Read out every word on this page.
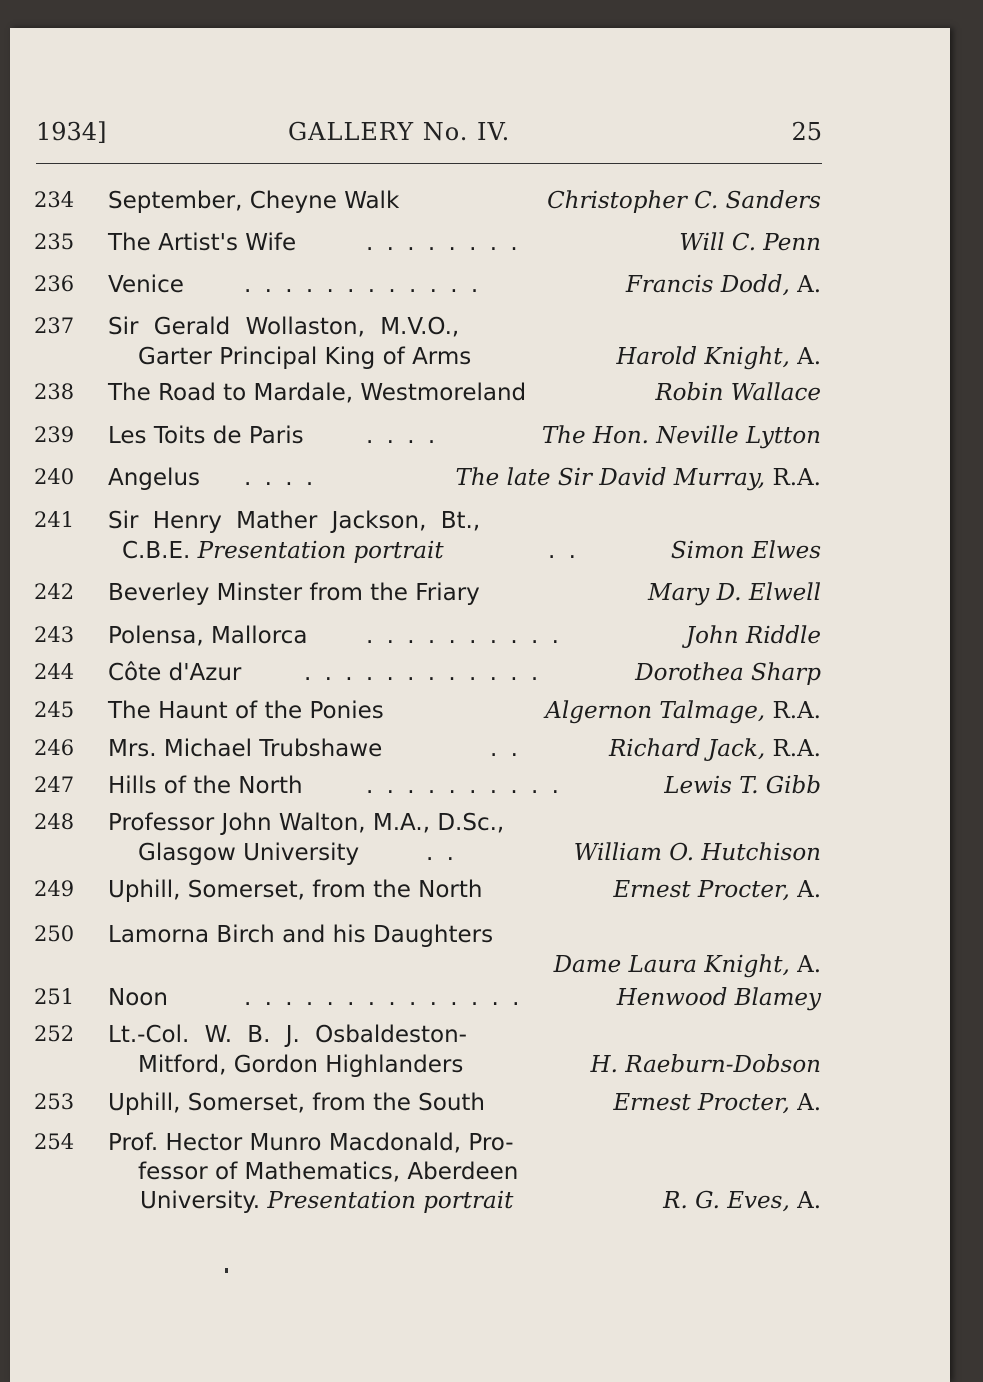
1934]	GALLERY No. IV.	25
234 September, Cheyne Walk	Christopher C. Sanders
235 The Artist's Wife	. . . . . . . .	Will C. Penn
236 Venice	. . . . . . . . . . . .	Francis Dodd, A.
237 Sir Gerald Wollaston, M.V.O.,
Garter Principal King of Arms	Harold Knight, A.
238 The Road to Mardale, Westmoreland	Robin Wallace
239 Les Toits de Paris	. . . .	The Hon. Neville Lytton
240 Angelus . . . .	The late Sir David Murray, R.A.
241 Sir Henry Mather Jackson, Bt.,
C.B.E. Presentation portrait	. .	Simon Elwes
242 Beverley Minster from the Friary	Mary D. Elwell
243 Polensa, Mallorca	. . . . . . . . . .	John Riddle
244 Côte d'Azur	. . . . . . . . . . . .	Dorothea Sharp
245 The Haunt of the Ponies	Algernon Talmage, R.A.
246 Mrs. Michael Trubshawe	. .	Richard Jack, R.A.
247 Hills of the North	. . . . . . . . . .	Lewis T. Gibb
248 Professor John Walton, M.A., D.Sc.,
Glasgow University	. .	William O. Hutchison
249 Uphill, Somerset, from the North	Ernest Procter, A.
250 Lamorna Birch and his Daughters
Dame Laura Knight, A.
251 Noon	. . . . . . . . . . . . . .	Henwood Blamey
252 Lt.-Col. W. B. J. Osbaldeston-
Mitford, Gordon Highlanders	H. Raeburn-Dobson
253 Uphill, Somerset, from the South	Ernest Procter, A.
254 Prof. Hector Munro Macdonald, Pro-
fessor of Mathematics, Aberdeen
University. Presentation portrait	R. G. Eves, A.
